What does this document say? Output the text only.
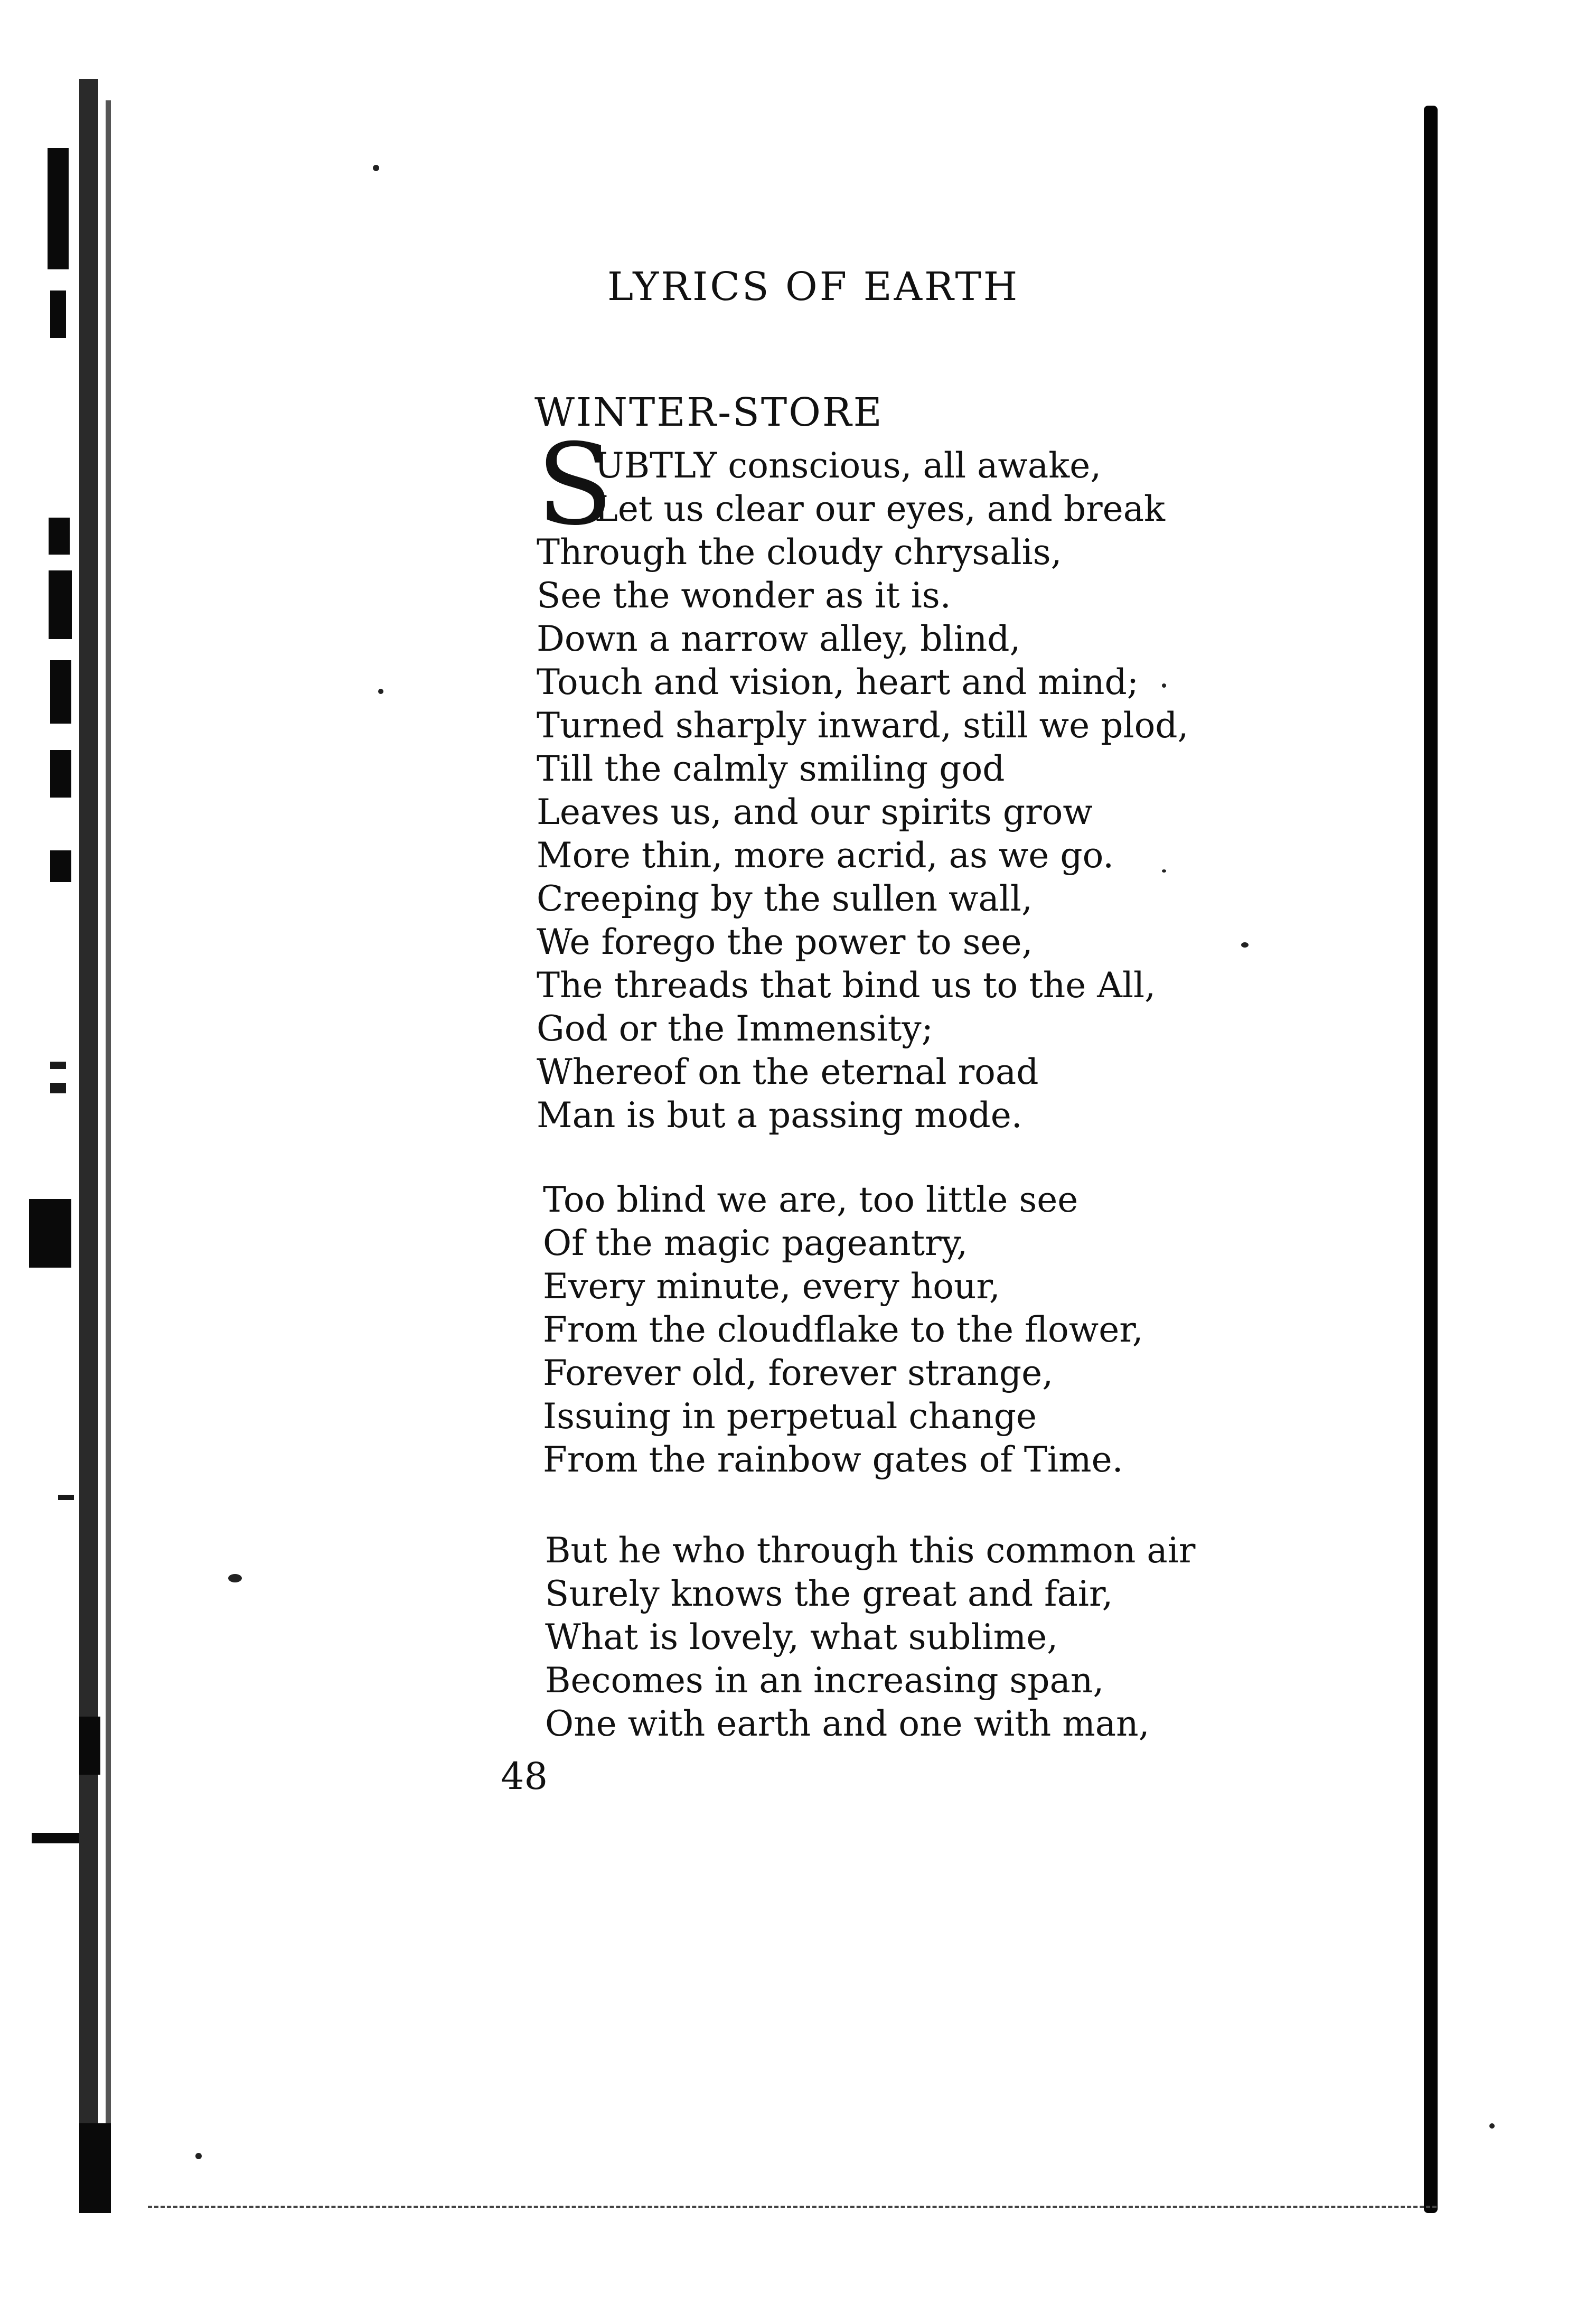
LYRICS OF EARTH
WINTER-STORE
S
UBTLY conscious, all awake,
Let us clear our eyes, and break
Through the cloudy chrysalis,
See the wonder as it is.
Down a narrow alley, blind,
Touch and vision, heart and mind;
Turned sharply inward, still we plod,
Till the calmly smiling god
Leaves us, and our spirits grow
More thin, more acrid, as we go.
Creeping by the sullen wall,
We forego the power to see,
The threads that bind us to the All,
God or the Immensity;
Whereof on the eternal road
Man is but a passing mode.
Too blind we are, too little see
Of the magic pageantry,
Every minute, every hour,
From the cloudflake to the flower,
Forever old, forever strange,
Issuing in perpetual change
From the rainbow gates of Time.
But he who through this common air
Surely knows the great and fair,
What is lovely, what sublime,
Becomes in an increasing span,
One with earth and one with man,
48
